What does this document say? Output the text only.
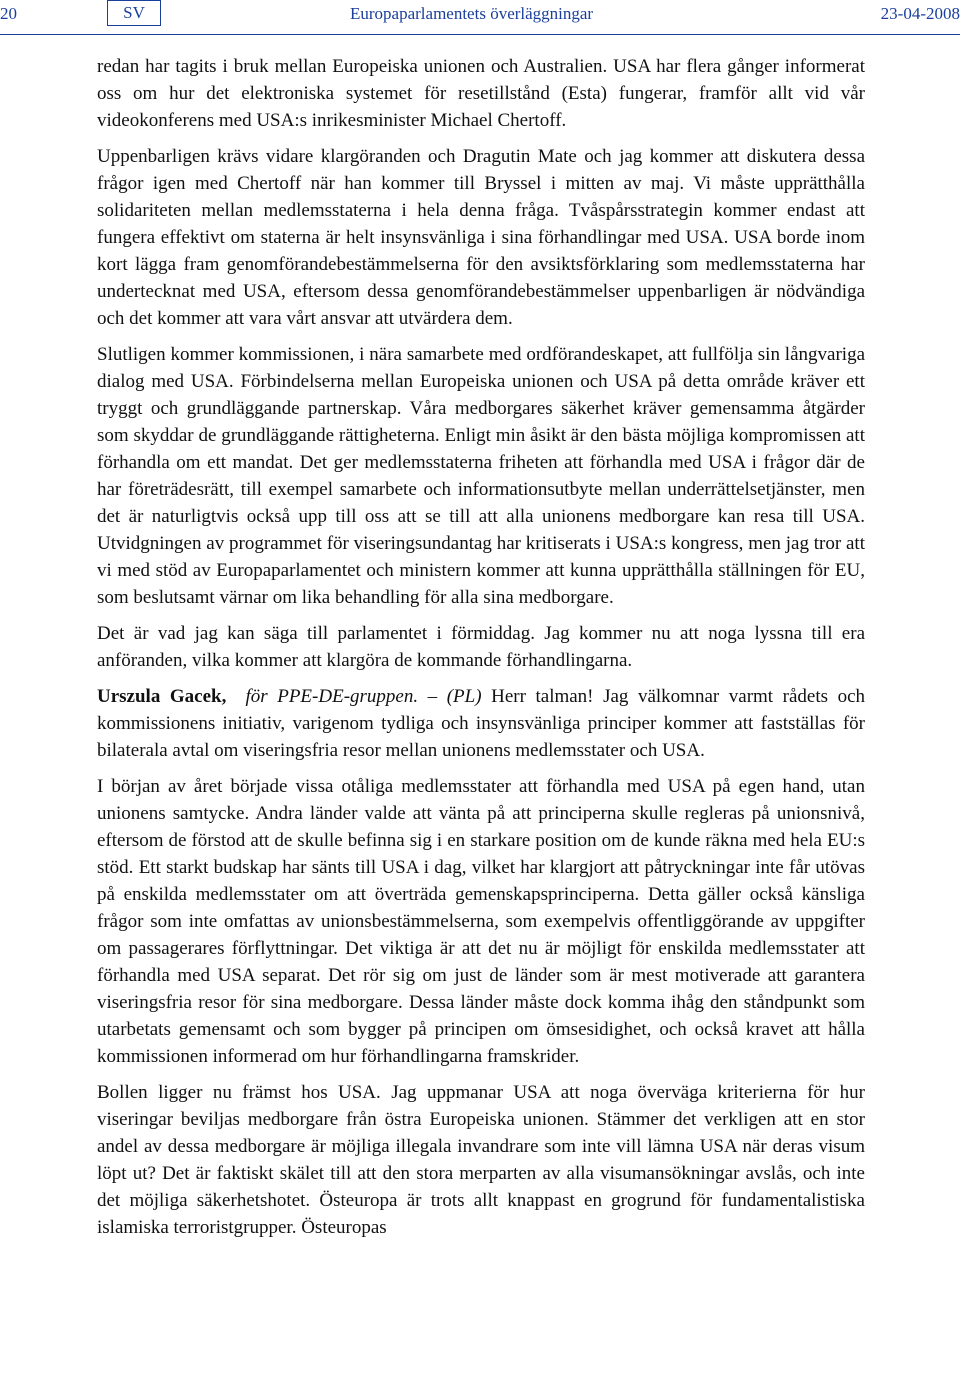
20	SV	Europaparlamentets överläggningar	23-04-2008

redan har tagits i bruk mellan Europeiska unionen och Australien. USA har flera gånger informerat oss om hur det elektroniska systemet för resetillstånd (Esta) fungerar, framför allt vid vår videokonferens med USA:s inrikesminister Michael Chertoff.

Uppenbarligen krävs vidare klargöranden och Dragutin Mate och jag kommer att diskutera dessa frågor igen med Chertoff när han kommer till Bryssel i mitten av maj. Vi måste upprätthålla solidariteten mellan medlemsstaterna i hela denna fråga. Tvåspårsstrategin kommer endast att fungera effektivt om staterna är helt insynsvänliga i sina förhandlingar med USA. USA borde inom kort lägga fram genomförandebestämmelserna för den avsiktsförklaring som medlemsstaterna har undertecknat med USA, eftersom dessa genomförandebestämmelser uppenbarligen är nödvändiga och det kommer att vara vårt ansvar att utvärdera dem.

Slutligen kommer kommissionen, i nära samarbete med ordförandeskapet, att fullfölja sin långvariga dialog med USA. Förbindelserna mellan Europeiska unionen och USA på detta område kräver ett tryggt och grundläggande partnerskap. Våra medborgares säkerhet kräver gemensamma åtgärder som skyddar de grundläggande rättigheterna. Enligt min åsikt är den bästa möjliga kompromissen att förhandla om ett mandat. Det ger medlemsstaterna friheten att förhandla med USA i frågor där de har företrädesrätt, till exempel samarbete och informationsutbyte mellan underrättelsetjänster, men det är naturligtvis också upp till oss att se till att alla unionens medborgare kan resa till USA. Utvidgningen av programmet för viseringsundantag har kritiserats i USA:s kongress, men jag tror att vi med stöd av Europaparlamentet och ministern kommer att kunna upprätthålla ställningen för EU, som beslutsamt värnar om lika behandling för alla sina medborgare.

Det är vad jag kan säga till parlamentet i förmiddag. Jag kommer nu att noga lyssna till era anföranden, vilka kommer att klargöra de kommande förhandlingarna.

Urszula Gacek, för PPE-DE-gruppen. – (PL) Herr talman! Jag välkomnar varmt rådets och kommissionens initiativ, varigenom tydliga och insynsvänliga principer kommer att fastställas för bilaterala avtal om viseringsfria resor mellan unionens medlemsstater och USA.

I början av året började vissa otåliga medlemsstater att förhandla med USA på egen hand, utan unionens samtycke. Andra länder valde att vänta på att principerna skulle regleras på unionsnivå, eftersom de förstod att de skulle befinna sig i en starkare position om de kunde räkna med hela EU:s stöd. Ett starkt budskap har sänts till USA i dag, vilket har klargjort att påtryckningar inte får utövas på enskilda medlemsstater om att överträda gemenskapsprinciperna. Detta gäller också känsliga frågor som inte omfattas av unionsbestämmelserna, som exempelvis offentliggörande av uppgifter om passagerares förflyttningar. Det viktiga är att det nu är möjligt för enskilda medlemsstater att förhandla med USA separat. Det rör sig om just de länder som är mest motiverade att garantera viseringsfria resor för sina medborgare. Dessa länder måste dock komma ihåg den ståndpunkt som utarbetats gemensamt och som bygger på principen om ömsesidighet, och också kravet att hålla kommissionen informerad om hur förhandlingarna framskrider.

Bollen ligger nu främst hos USA. Jag uppmanar USA att noga överväga kriterierna för hur viseringar beviljas medborgare från östra Europeiska unionen. Stämmer det verkligen att en stor andel av dessa medborgare är möjliga illegala invandrare som inte vill lämna USA när deras visum löpt ut? Det är faktiskt skälet till att den stora merparten av alla visumansökningar avslås, och inte det möjliga säkerhetshotet. Östeuropa är trots allt knappast en grogrund för fundamentalistiska islamiska terroristgrupper. Östeuropas
